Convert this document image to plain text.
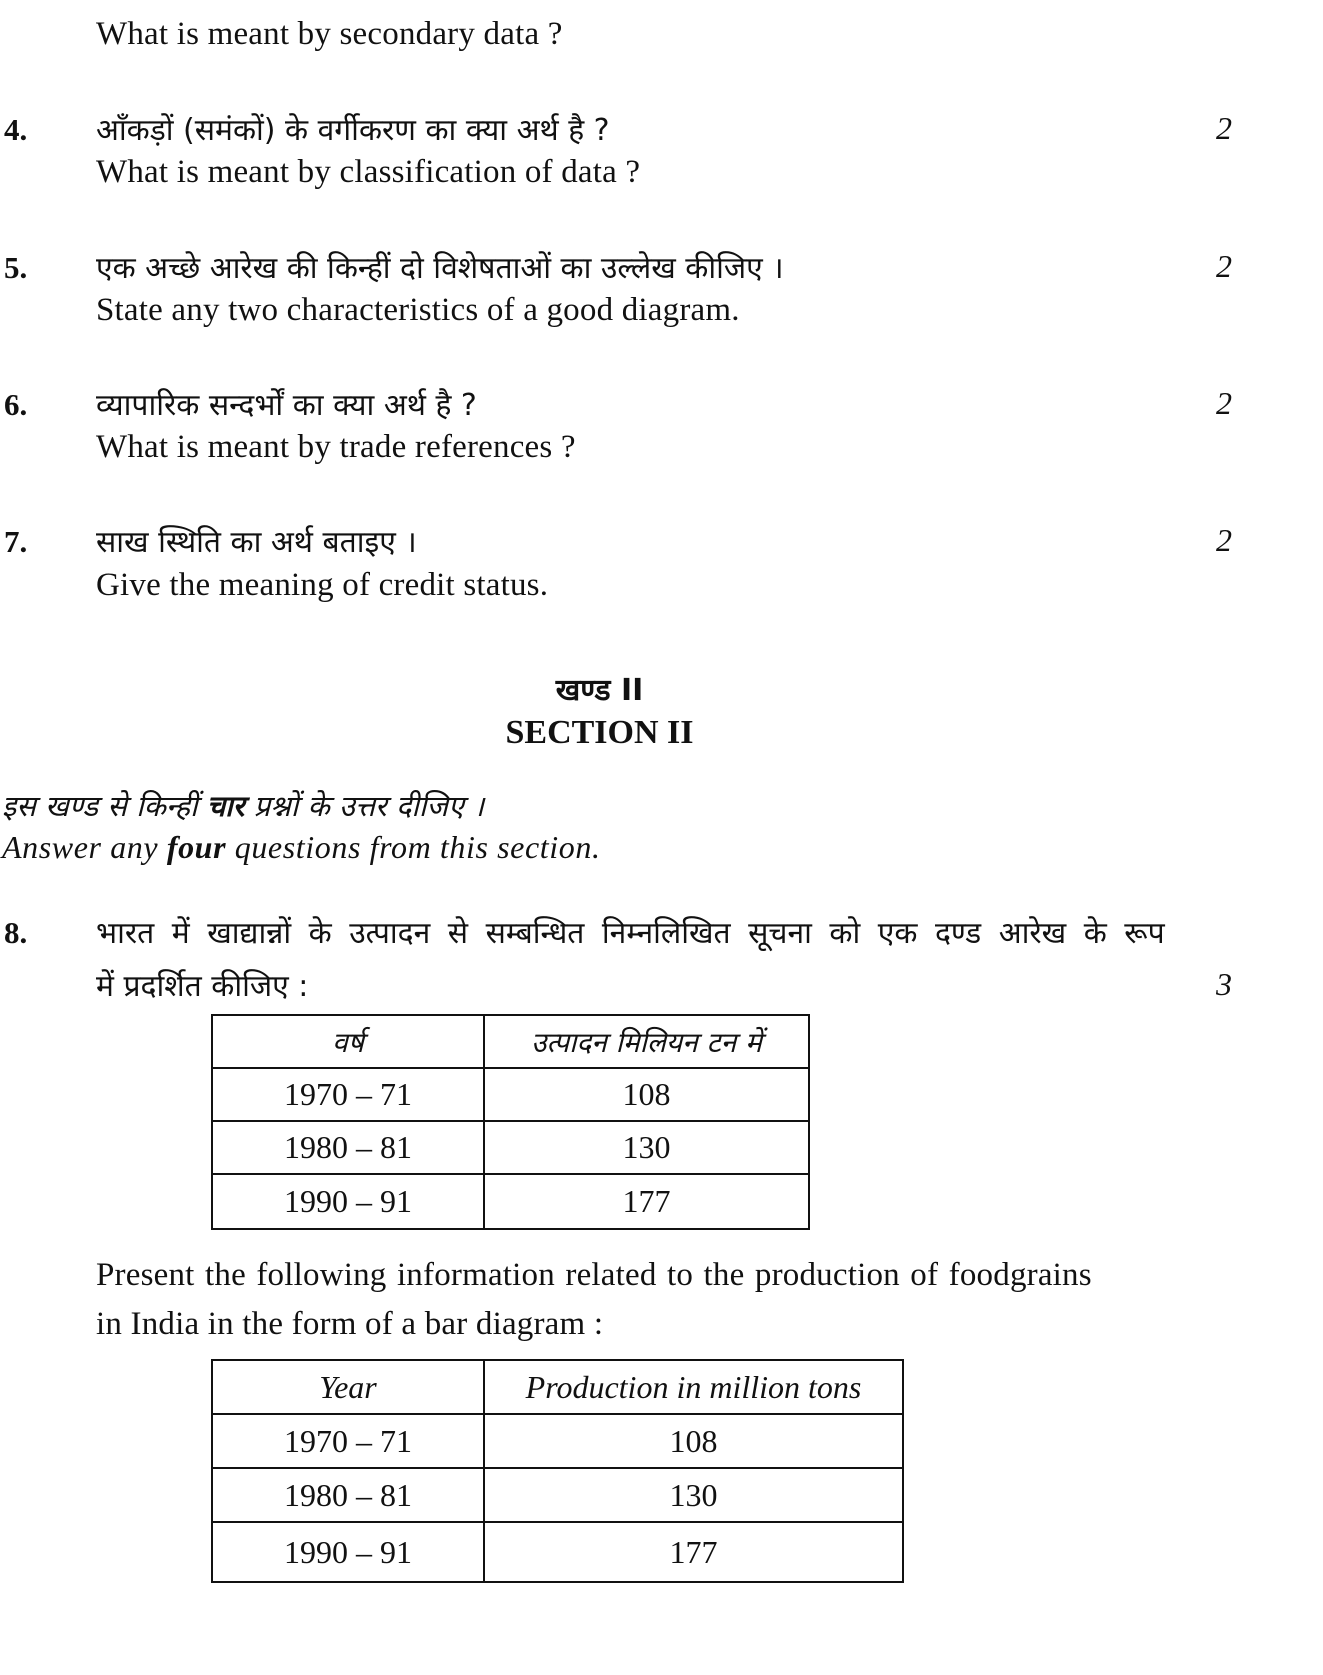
What is meant by secondary data ?
4. आँकड़ों (समंकों) के वर्गीकरण का क्या अर्थ है ?
What is meant by classification of data ?
2
5. एक अच्छे आरेख की किन्हीं दो विशेषताओं का उल्लेख कीजिए ।
State any two characteristics of a good diagram.
2
6. व्यापारिक सन्दर्भों का क्या अर्थ है ?
What is meant by trade references ?
2
7. साख स्थिति का अर्थ बताइए ।
Give the meaning of credit status.
2
खण्ड II
SECTION II
इस खण्ड से किन्हीं चार प्रश्नों के उत्तर दीजिए ।
Answer any four questions from this section.
8. भारत में खाद्यान्नों के उत्पादन से सम्बन्धित निम्नलिखित सूचना को एक दण्ड आरेख के रूप
में प्रदर्शित कीजिए :	3
वर्ष	उत्पादन मिलियन टन में
1970 – 71	108
1980 – 81	130
1990 – 91	177
Present the following information related to the production of foodgrains
in India in the form of a bar diagram :
Year	Production in million tons
1970 – 71	108
1980 – 81	130
1990 – 91	177
